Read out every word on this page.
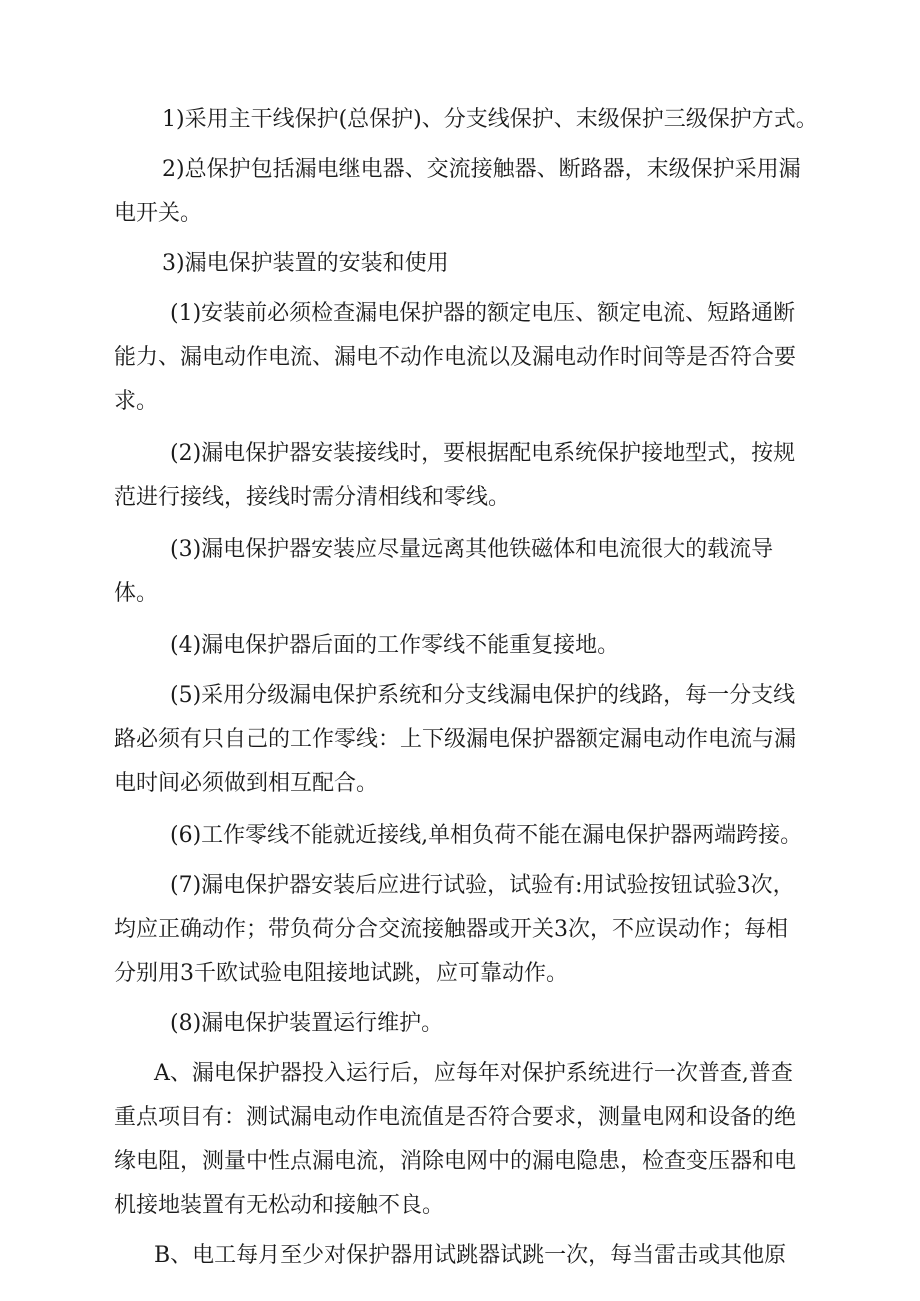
1)采用主干线保护(总保护)、分支线保护、末级保护三级保护方式。
2)总保护包括漏电继电器、交流接触器、断路器，末级保护采用漏
电开关。
3)漏电保护装置的安装和使用
(1)安装前必须检查漏电保护器的额定电压、额定电流、短路通断
能力、漏电动作电流、漏电不动作电流以及漏电动作时间等是否符合要
求。
(2)漏电保护器安装接线时，要根据配电系统保护接地型式，按规
范进行接线，接线时需分清相线和零线。
(3)漏电保护器安装应尽量远离其他铁磁体和电流很大的载流导
体。
(4)漏电保护器后面的工作零线不能重复接地。
(5)采用分级漏电保护系统和分支线漏电保护的线路，每一分支线
路必须有只自己的工作零线：上下级漏电保护器额定漏电动作电流与漏
电时间必须做到相互配合。
(6)工作零线不能就近接线,单相负荷不能在漏电保护器两端跨接。
(7)漏电保护器安装后应进行试验，试验有:用试验按钮试验3次，
均应正确动作；带负荷分合交流接触器或开关3次，不应误动作；每相
分别用3千欧试验电阻接地试跳，应可靠动作。
(8)漏电保护装置运行维护。
A、漏电保护器投入运行后，应每年对保护系统进行一次普查,普查
重点项目有：测试漏电动作电流值是否符合要求，测量电网和设备的绝
缘电阻，测量中性点漏电流，消除电网中的漏电隐患，检查变压器和电
机接地装置有无松动和接触不良。
B、电工每月至少对保护器用试跳器试跳一次，每当雷击或其他原
